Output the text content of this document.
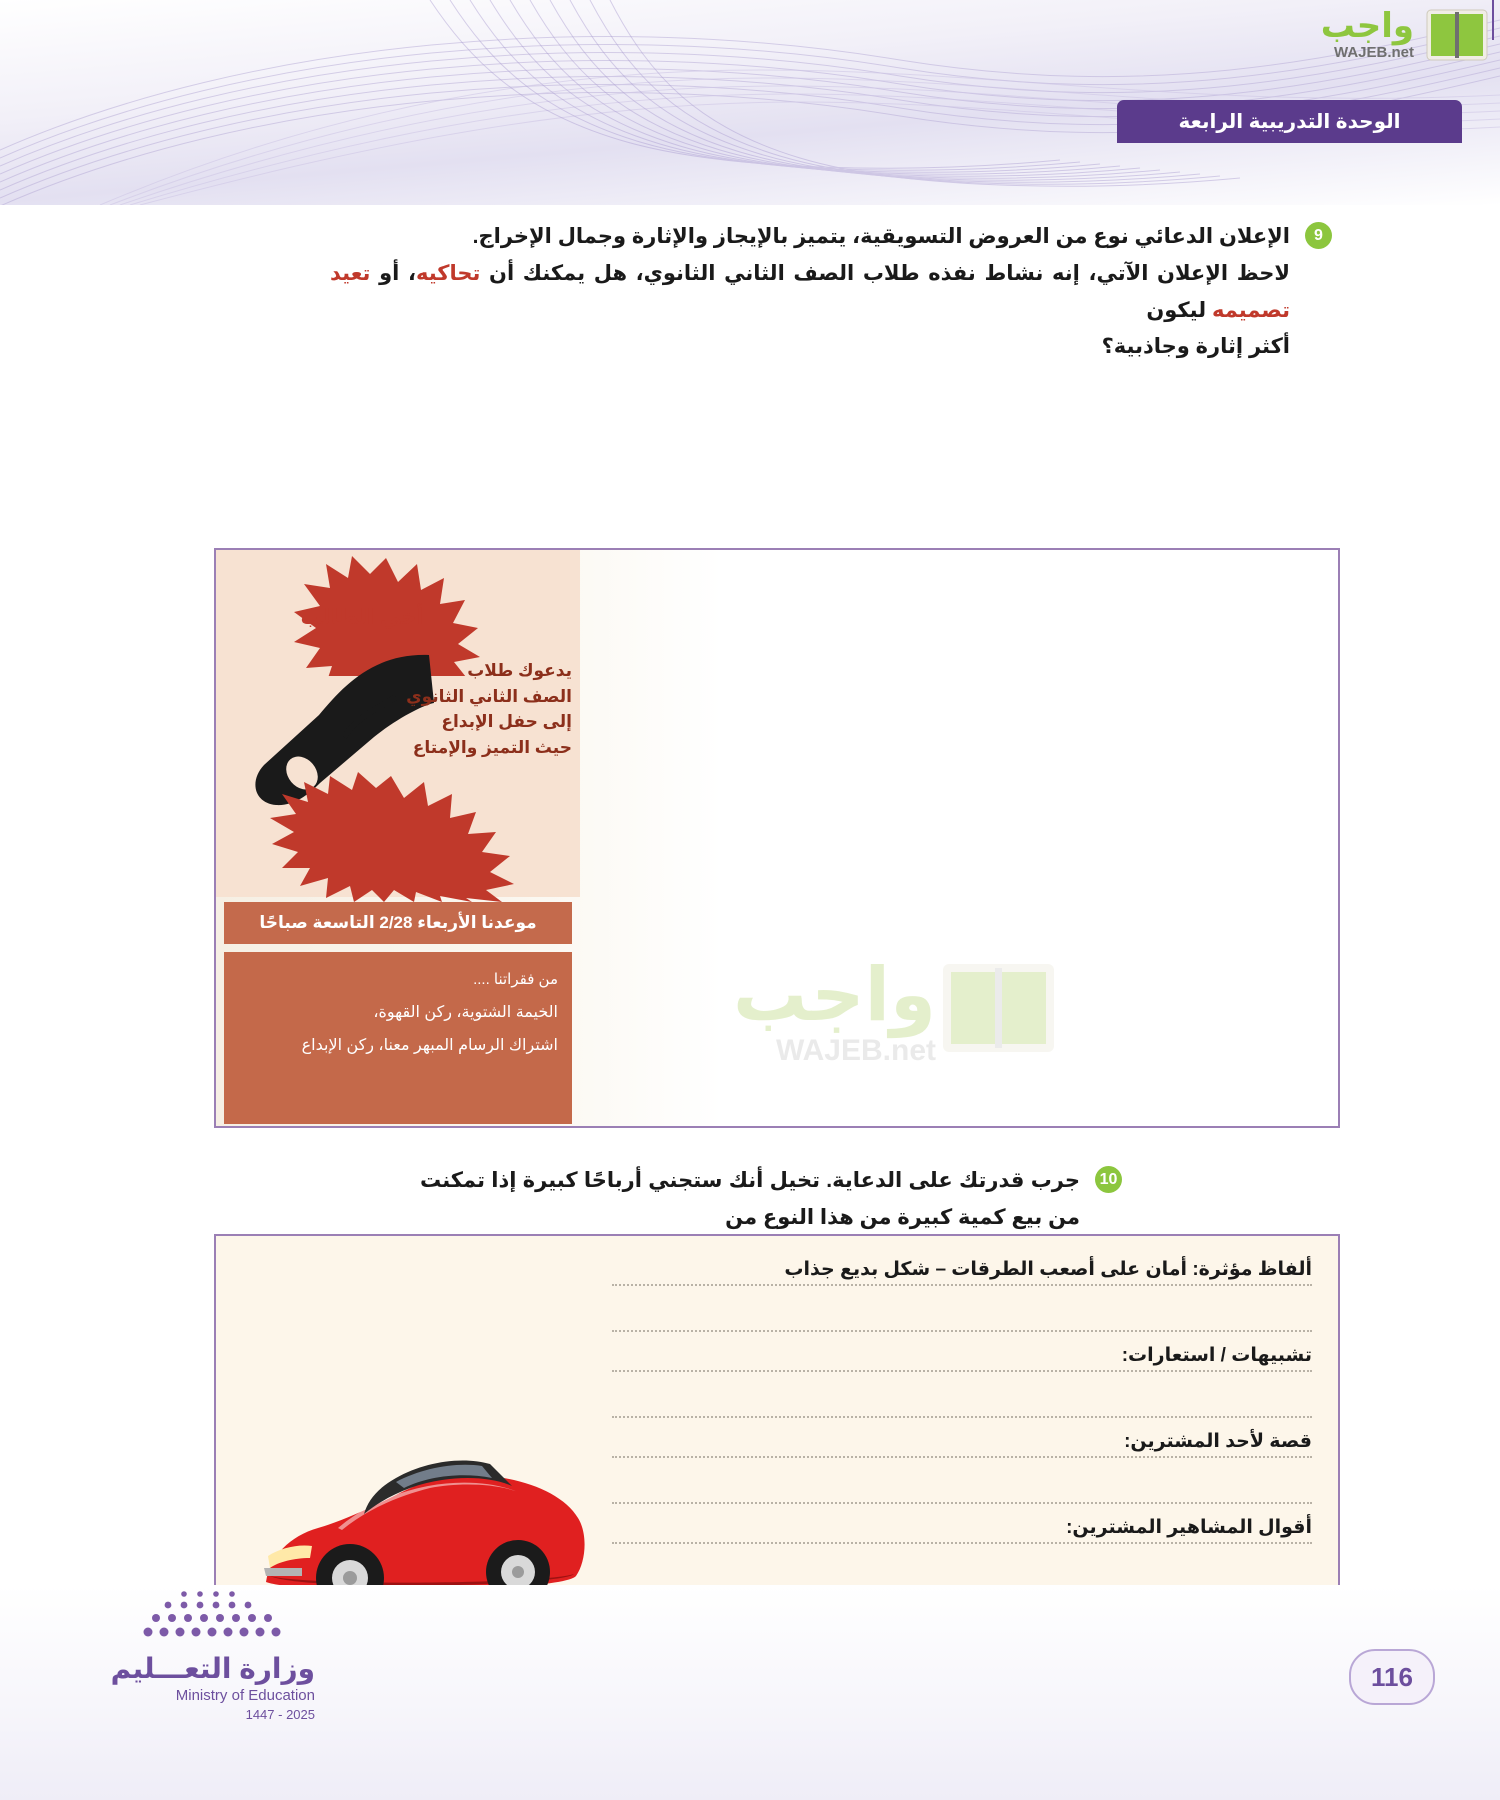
واجب
WAJEB.net
الوحدة التدريبية الرابعة
9
الإعلان الدعائي نوع من العروض التسويقية، يتميز بالإيجاز والإثارة وجمال الإخراج.
لاحظ الإعلان الآتي، إنه نشاط نفذه طلاب الصف الثاني الثانوي، هل يمكنك أن تحاكيه، أو تعيد تصميمه ليكون
أكثر إثارة وجاذبية؟
أخي الطالب
يدعوك طلاب
الصف الثاني الثانوي
إلى حفل الإبداع
حيث التميز والإمتاع
موعدنا الأربعاء 2/28 التاسعة صباحًا
من فقراتنا ....
الخيمة الشتوية، ركن القهوة،
اشتراك الرسام المبهر معنا، ركن الإبداع
واجب
WAJEB.net
10
جرب قدرتك على الدعاية. تخيل أنك ستجني أرباحًا كبيرة إذا تمكنت من بيع كمية كبيرة من هذا النوع من
ألفاظ مؤثرة: أمان على أصعب الطرقات – شكل بديع جذاب
تشبيهات / استعارات:
قصة لأحد المشترين:
أقوال المشاهير المشترين:
وزارة التعـــليم
Ministry of Education
2025 - 1447
116
